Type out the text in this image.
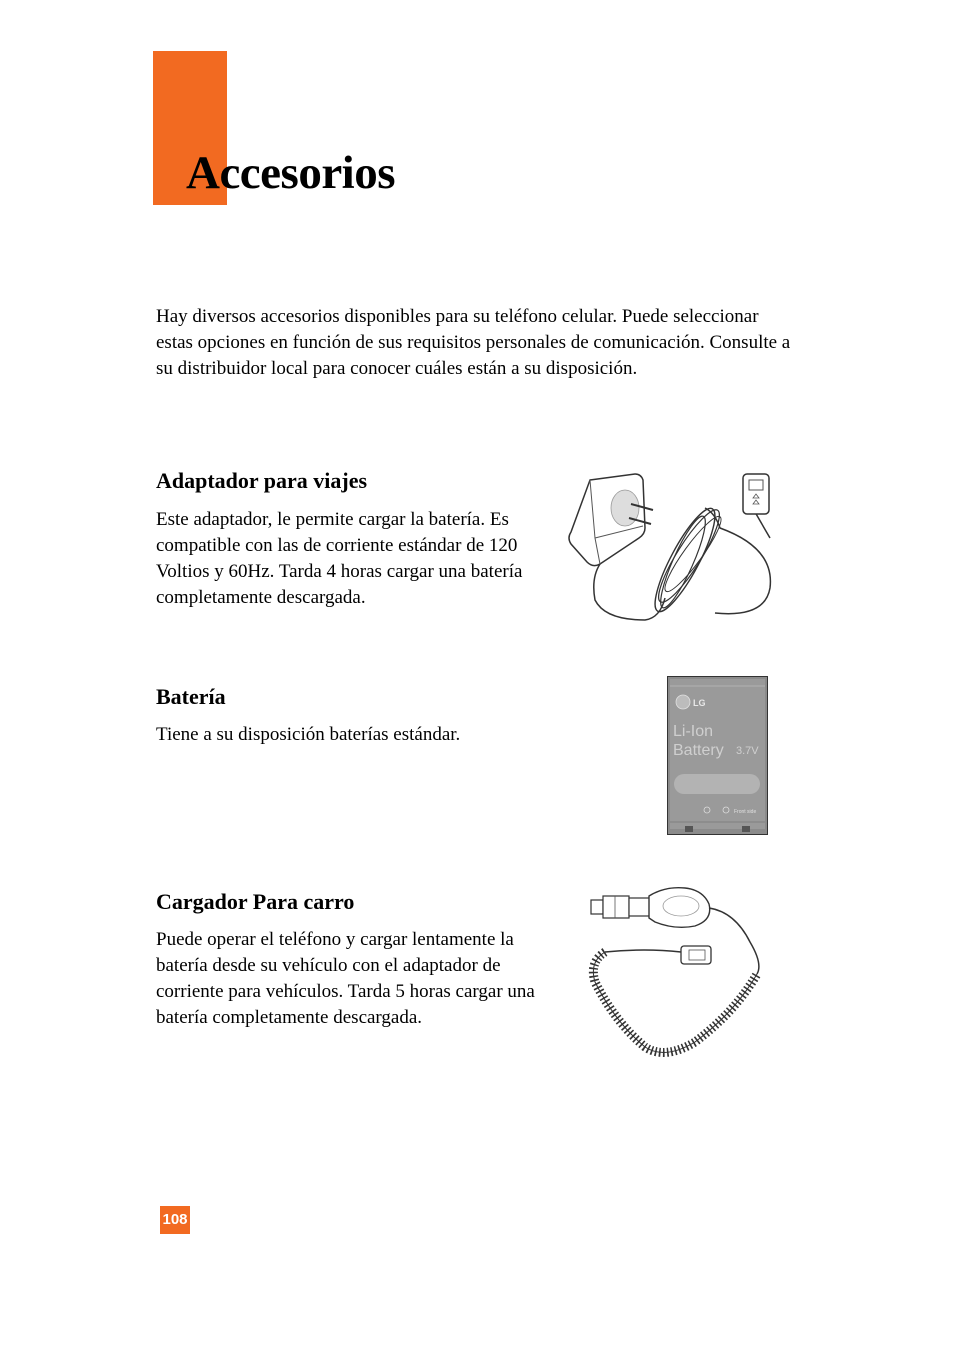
Accesorios

Hay diversos accesorios disponibles para su teléfono celular. Puede seleccionar estas opciones en función de sus requisitos personales de comunicación. Consulte a su distribuidor local para conocer cuáles están a su disposición.

Adaptador para viajes

Este adaptador, le permite cargar la batería. Es compatible con las de corriente estándar de 120 Voltios y 60Hz. Tarda 4 horas cargar una batería completamente descargada.

Batería

Tiene a su disposición baterías estándar.

LG
Li-Ion
Battery 3.7V
Front side
Cargador Para carro

Puede operar el teléfono y cargar lentamente la batería desde su vehículo con el adaptador de corriente para vehículos. Tarda 5 horas cargar una batería completamente descargada.

108
